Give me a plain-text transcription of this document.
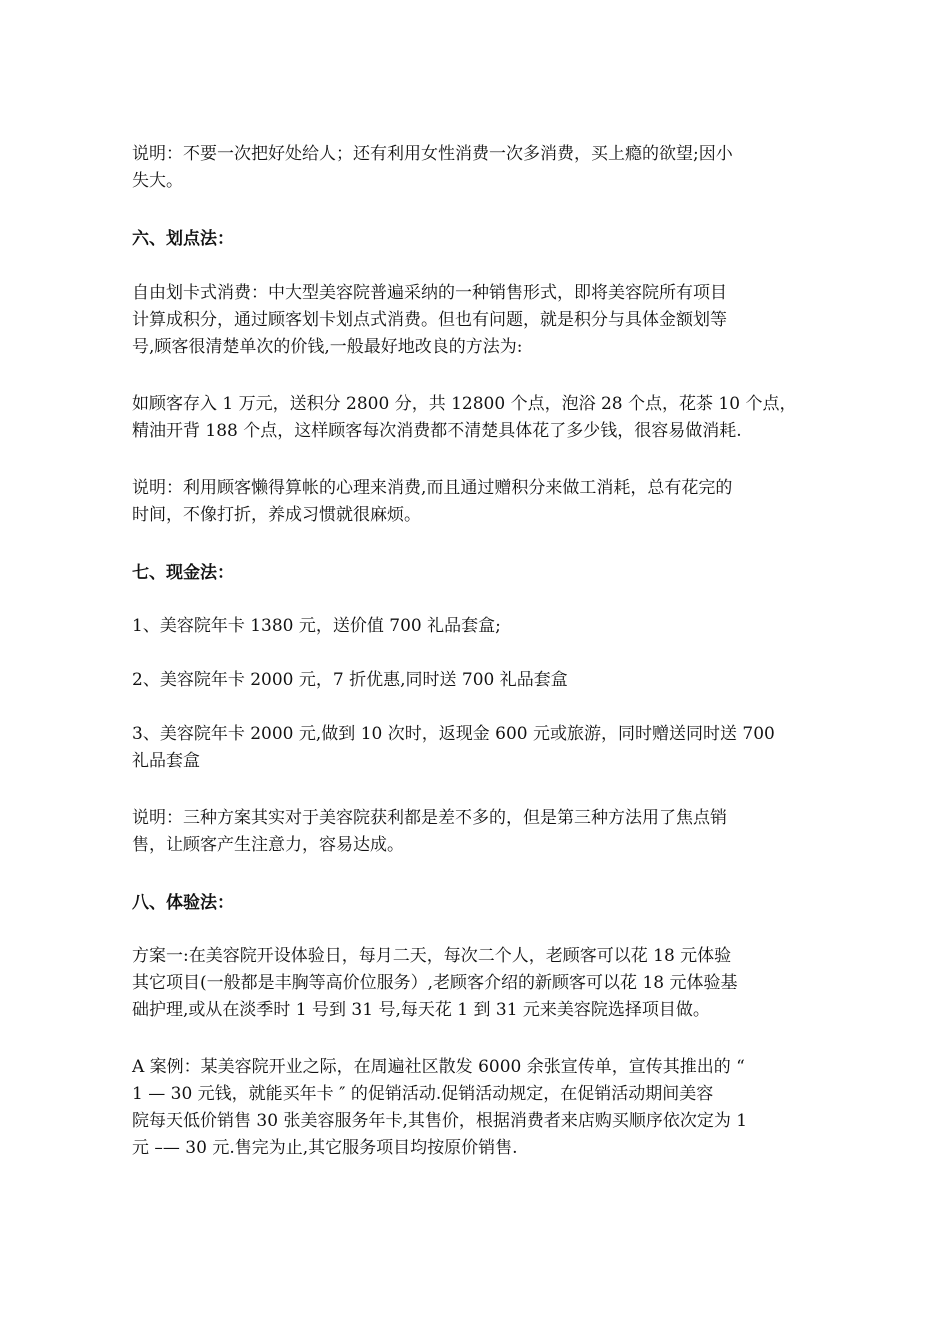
说明：不要一次把好处给人；还有利用女性消费一次多消费，买上瘾的欲望;因小
失大。

六、划点法：

自由划卡式消费：中大型美容院普遍采纳的一种销售形式，即将美容院所有项目
计算成积分，通过顾客划卡划点式消费。但也有问题，就是积分与具体金额划等
号,顾客很清楚单次的价钱,一般最好地改良的方法为:

如顾客存入 1 万元，送积分 2800 分，共 12800 个点，泡浴 28 个点，花茶 10 个点，
精油开背 188 个点，这样顾客每次消费都不清楚具体花了多少钱，很容易做消耗.

说明：利用顾客懒得算帐的心理来消费,而且通过赠积分来做工消耗，总有花完的
时间，不像打折，养成习惯就很麻烦。

七、现金法：

1、美容院年卡 1380 元，送价值 700 礼品套盒;

2、美容院年卡 2000 元，7 折优惠,同时送 700 礼品套盒

3、美容院年卡 2000 元,做到 10 次时，返现金 600 元或旅游，同时赠送同时送 700
礼品套盒

说明：三种方案其实对于美容院获利都是差不多的，但是第三种方法用了焦点销
售，让顾客产生注意力，容易达成。

八、体验法：

方案一:在美容院开设体验日，每月二天，每次二个人，老顾客可以花 18 元体验
其它项目(一般都是丰胸等高价位服务）,老顾客介绍的新顾客可以花 18 元体验基
础护理,或从在淡季时 1 号到 31 号,每天花 1 到 31 元来美容院选择项目做。

A 案例：某美容院开业之际，在周遍社区散发 6000 余张宣传单，宣传其推出的 “
1 — 30 元钱，就能买年卡 ″ 的促销活动.促销活动规定，在促销活动期间美容
院每天低价销售 30 张美容服务年卡,其售价，根据消费者来店购买顺序依次定为 1
元 –— 30 元.售完为止,其它服务项目均按原价销售.
